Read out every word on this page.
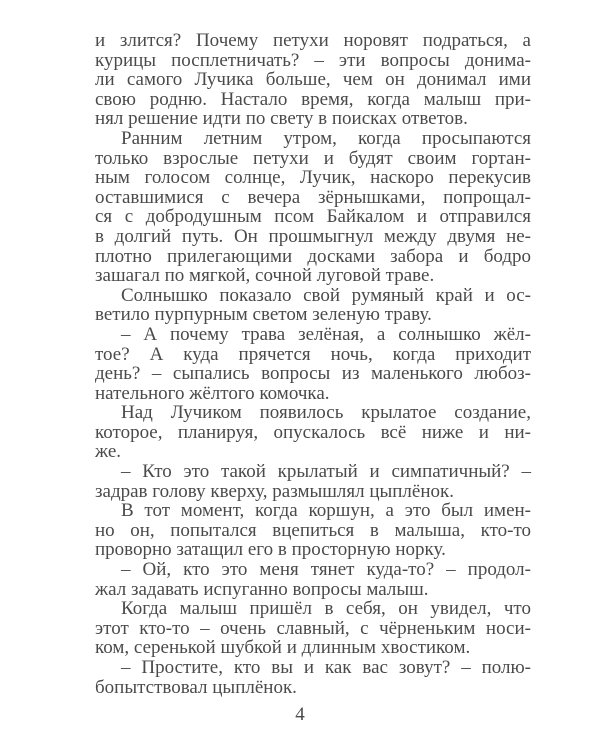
и злится? Почему петухи норовят подраться, а
курицы посплетничать? – эти вопросы донима-
ли самого Лучика больше, чем он донимал ими
свою родню. Настало время, когда малыш при-
нял решение идти по свету в поисках ответов.
Ранним летним утром, когда просыпаются
только взрослые петухи и будят своим гортан-
ным голосом солнце, Лучик, наскоро перекусив
оставшимися с вечера зёрнышками, попрощал-
ся с добродушным псом Байкалом и отправился
в долгий путь. Он прошмыгнул между двумя не-
плотно прилегающими досками забора и бодро
зашагал по мягкой, сочной луговой траве.
Солнышко показало свой румяный край и ос-
ветило пурпурным светом зеленую траву.
– А почему трава зелёная, а солнышко жёл-
тое? А куда прячется ночь, когда приходит
день? – сыпались вопросы из маленького любоз-
нательного жёлтого комочка.
Над Лучиком появилось крылатое создание,
которое, планируя, опускалось всё ниже и ни-
же.
– Кто это такой крылатый и симпатичный? –
задрав голову кверху, размышлял цыплёнок.
В тот момент, когда коршун, а это был имен-
но он, попытался вцепиться в малыша, кто-то
проворно затащил его в просторную норку.
– Ой, кто это меня тянет куда-то? – продол-
жал задавать испуганно вопросы малыш.
Когда малыш пришёл в себя, он увидел, что
этот кто-то – очень славный, с чёрненьким носи-
ком, серенькой шубкой и длинным хвостиком.
– Простите, кто вы и как вас зовут? – полю-
бопытствовал цыплёнок.
4
